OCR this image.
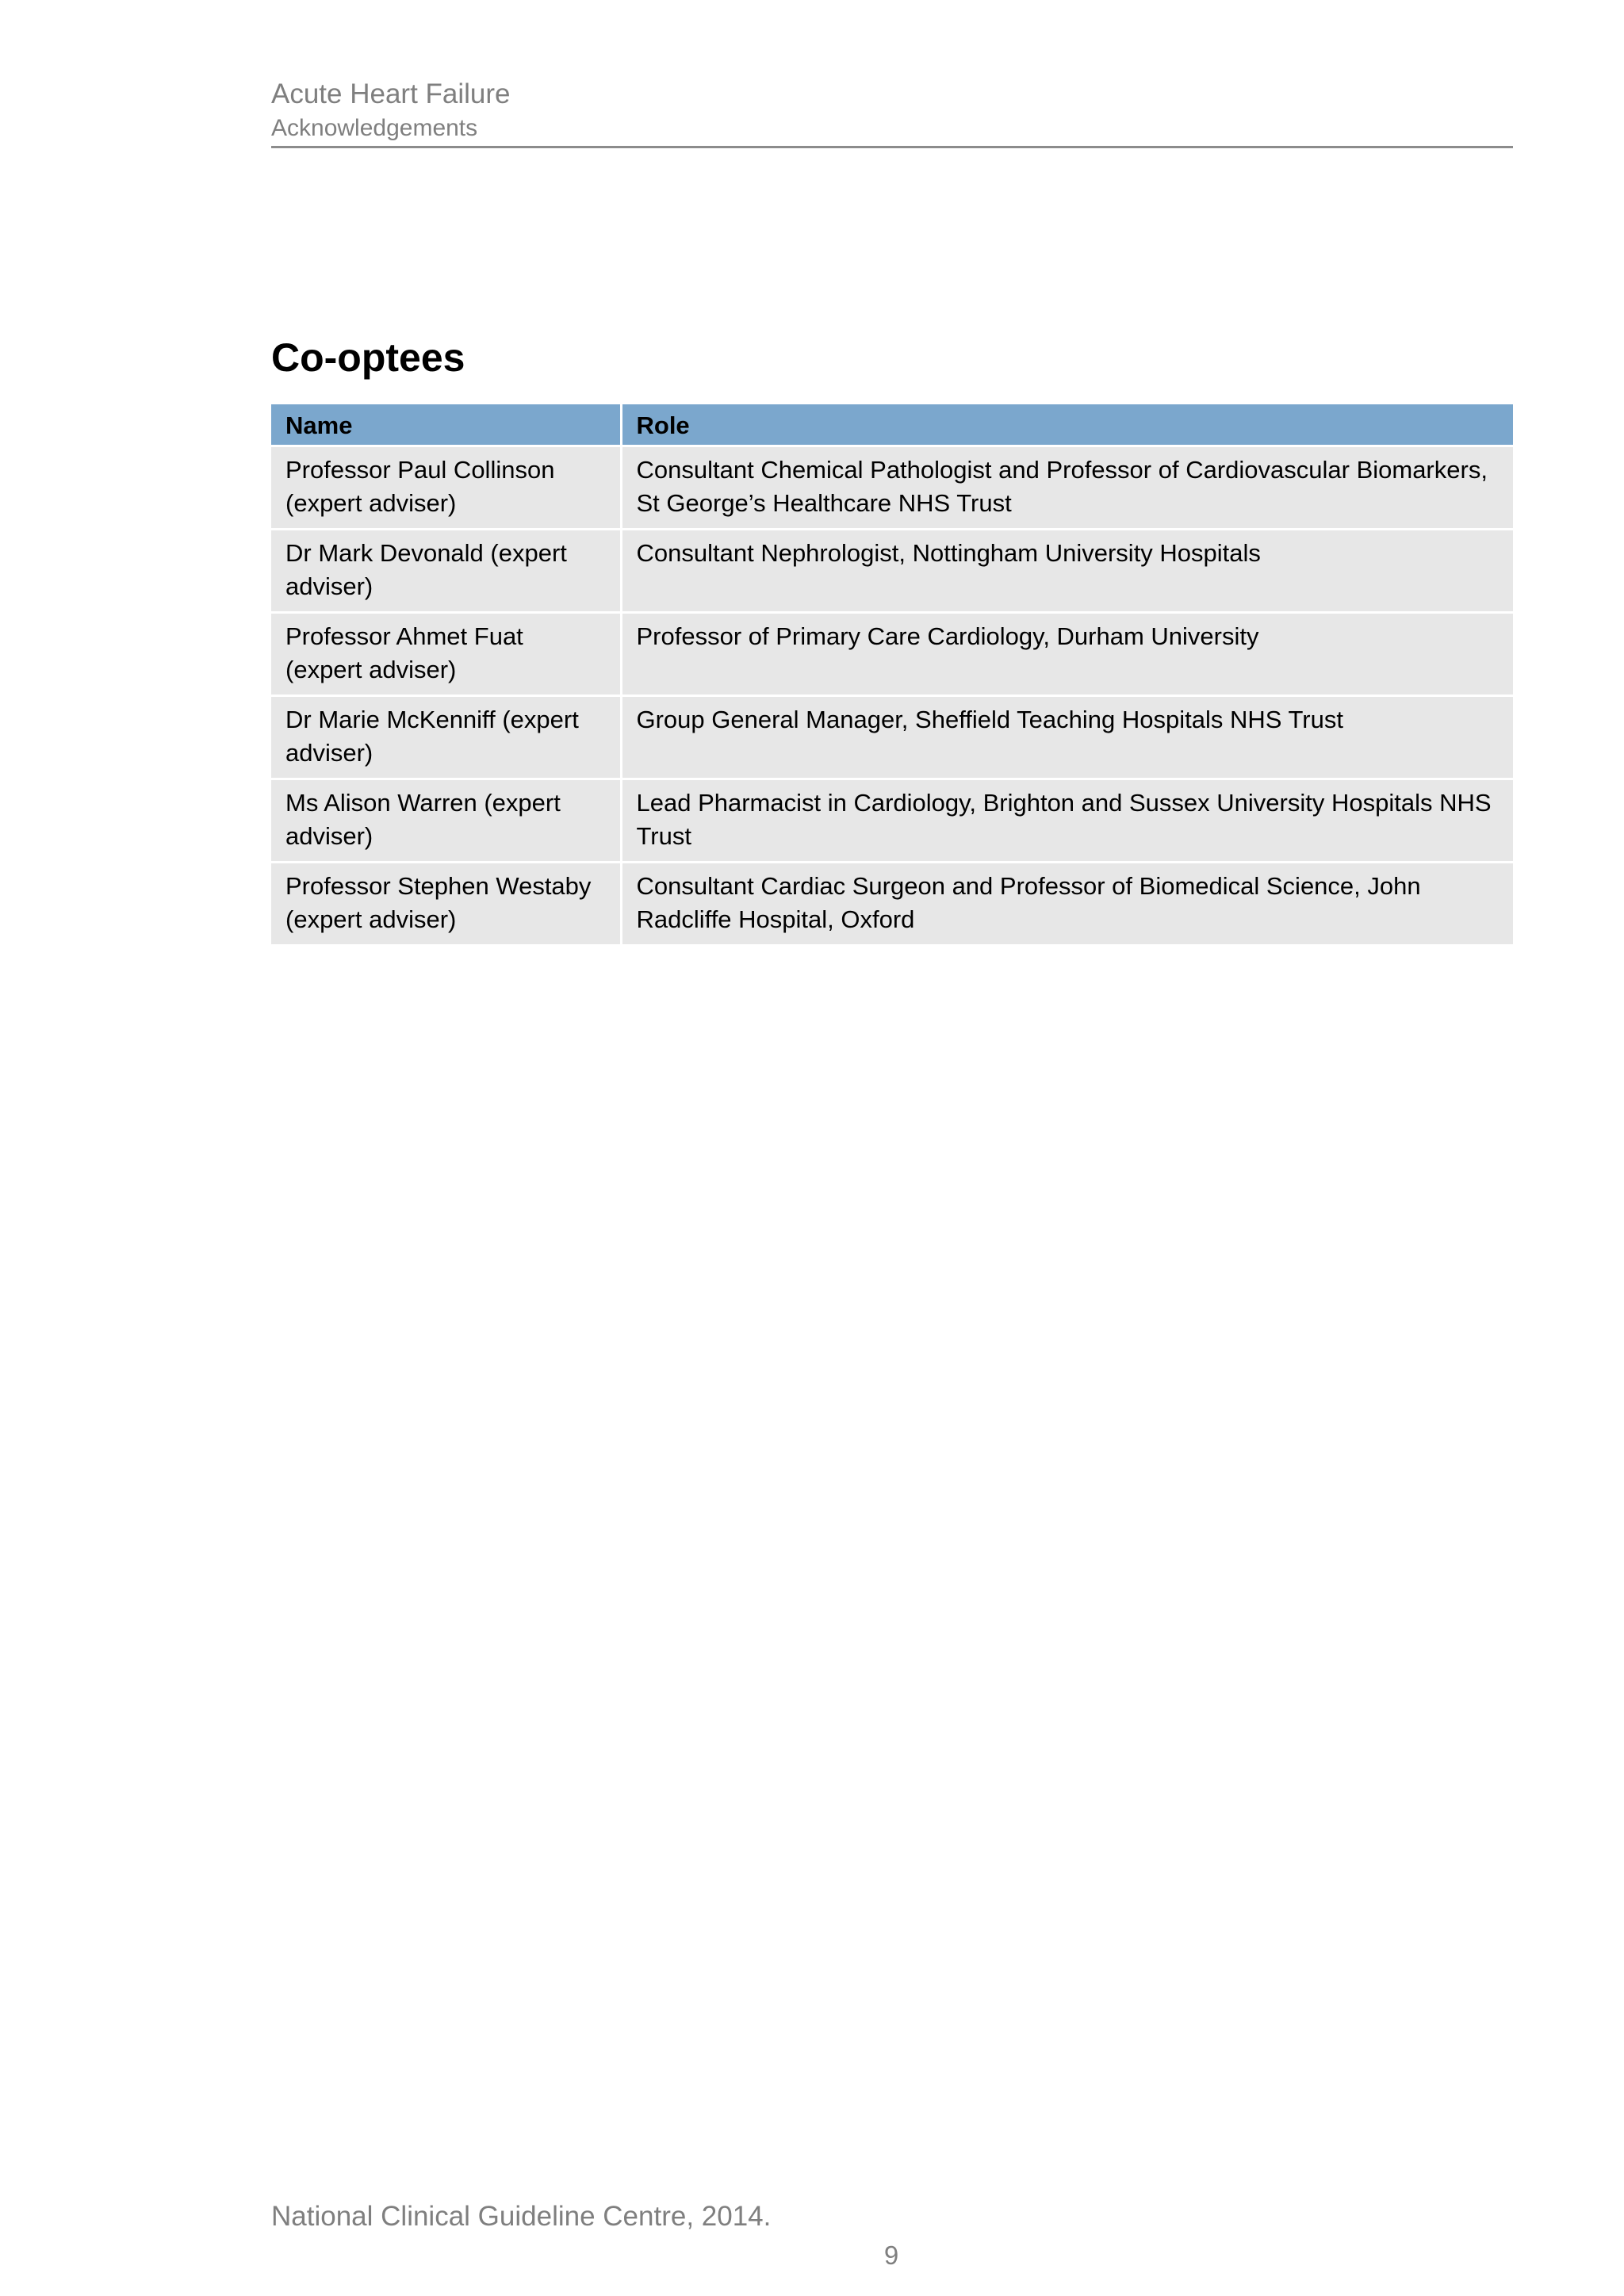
Acute Heart Failure
Acknowledgements
Co-optees
Name	Role
Professor Paul Collinson (expert adviser)	Consultant Chemical Pathologist and Professor of Cardiovascular Biomarkers, St George’s Healthcare NHS Trust
Dr Mark Devonald (expert adviser)	Consultant Nephrologist, Nottingham University Hospitals
Professor Ahmet Fuat (expert adviser)	Professor of Primary Care Cardiology, Durham University
Dr Marie McKenniff (expert adviser)	Group General Manager, Sheffield Teaching Hospitals NHS Trust
Ms Alison Warren (expert adviser)	Lead Pharmacist in Cardiology, Brighton and Sussex University Hospitals NHS Trust
Professor Stephen Westaby (expert adviser)	Consultant Cardiac Surgeon and Professor of Biomedical Science, John Radcliffe Hospital, Oxford
National Clinical Guideline Centre, 2014.
9
